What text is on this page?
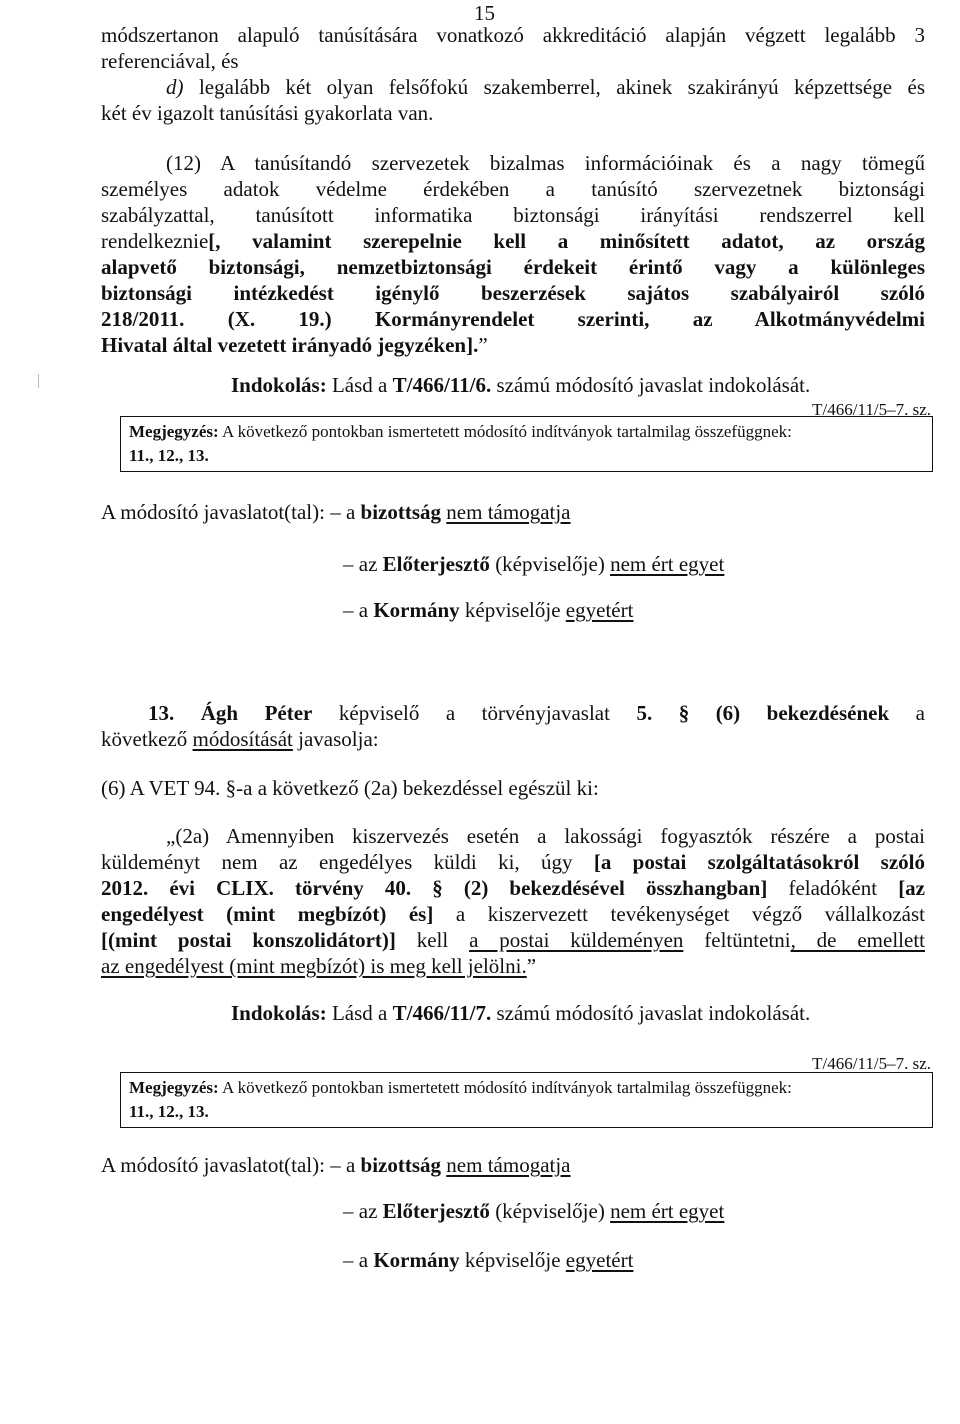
15
módszertanon alapuló tanúsítására vonatkozó akkreditáció alapján végzett legalább 3
referenciával, és
d) legalább két olyan felsőfokú szakemberrel, akinek szakirányú képzettsége és
két év igazolt tanúsítási gyakorlata van.
(12) A tanúsítandó szervezetek bizalmas információinak és a nagy tömegű
személyes adatok védelme érdekében a tanúsító szervezetnek biztonsági
szabályzattal, tanúsított informatika biztonsági irányítási rendszerrel kell
rendelkeznie[, valamint szerepelnie kell a minősített adatot, az ország
alapvető biztonsági, nemzetbiztonsági érdekeit érintő vagy a különleges
biztonsági intézkedést igénylő beszerzések sajátos szabályairól szóló
218/2011. (X. 19.) Kormányrendelet szerinti, az Alkotmányvédelmi
Hivatal által vezetett irányadó jegyzéken].”
Indokolás: Lásd a T/466/11/6. számú módosító javaslat indokolását.
T/466/11/5–7. sz.
Megjegyzés: A következő pontokban ismertetett módosító indítványok tartalmilag összefüggnek:
11., 12., 13.
A módosító javaslatot(tal): – a bizottság nem támogatja
– az Előterjesztő (képviselője) nem ért egyet
– a Kormány képviselője egyetért
13. Ágh Péter képviselő a törvényjavaslat 5. § (6) bekezdésének a
következő módosítását javasolja:
(6) A VET 94. §-a a következő (2a) bekezdéssel egészül ki:
„(2a) Amennyiben kiszervezés esetén a lakossági fogyasztók részére a postai
küldeményt nem az engedélyes küldi ki, úgy [a postai szolgáltatásokról szóló
2012. évi CLIX. törvény 40. § (2) bekezdésével összhangban] feladóként [az
engedélyest (mint megbízót) és] a kiszervezett tevékenységet végző vállalkozást
[(mint postai konszolidátort)] kell a postai küldeményen feltüntetni, de emellett
az engedélyest (mint megbízót) is meg kell jelölni.”
Indokolás: Lásd a T/466/11/7. számú módosító javaslat indokolását.
T/466/11/5–7. sz.
Megjegyzés: A következő pontokban ismertetett módosító indítványok tartalmilag összefüggnek:
11., 12., 13.
A módosító javaslatot(tal): – a bizottság nem támogatja
– az Előterjesztő (képviselője) nem ért egyet
– a Kormány képviselője egyetért
